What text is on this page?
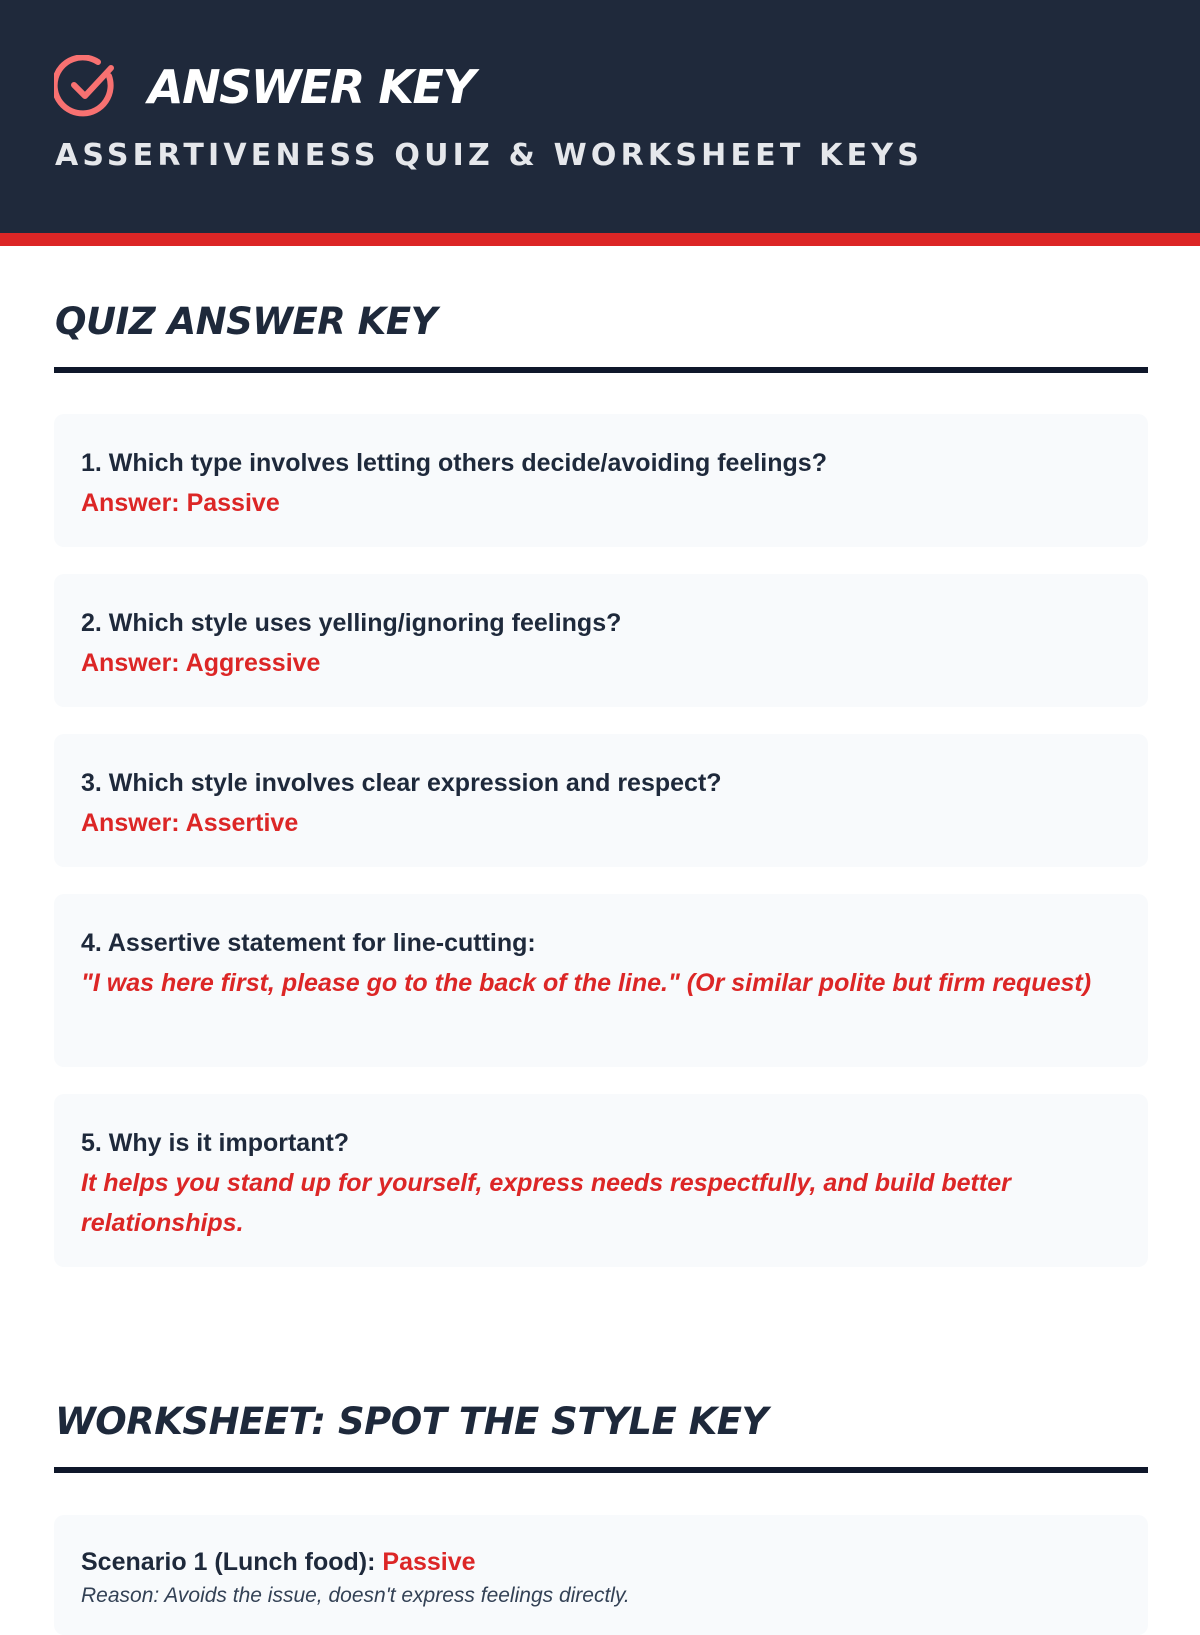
ANSWER KEY
ASSERTIVENESS QUIZ & WORKSHEET KEYS
QUIZ ANSWER KEY
1. Which type involves letting others decide/avoiding feelings?
Answer: Passive
2. Which style uses yelling/ignoring feelings?
Answer: Aggressive
3. Which style involves clear expression and respect?
Answer: Assertive
4. Assertive statement for line-cutting:
"I was here first, please go to the back of the line." (Or similar polite but firm request)
5. Why is it important?
It helps you stand up for yourself, express needs respectfully, and build better relationships.
WORKSHEET: SPOT THE STYLE KEY
Scenario 1 (Lunch food): Passive
Reason: Avoids the issue, doesn't express feelings directly.
